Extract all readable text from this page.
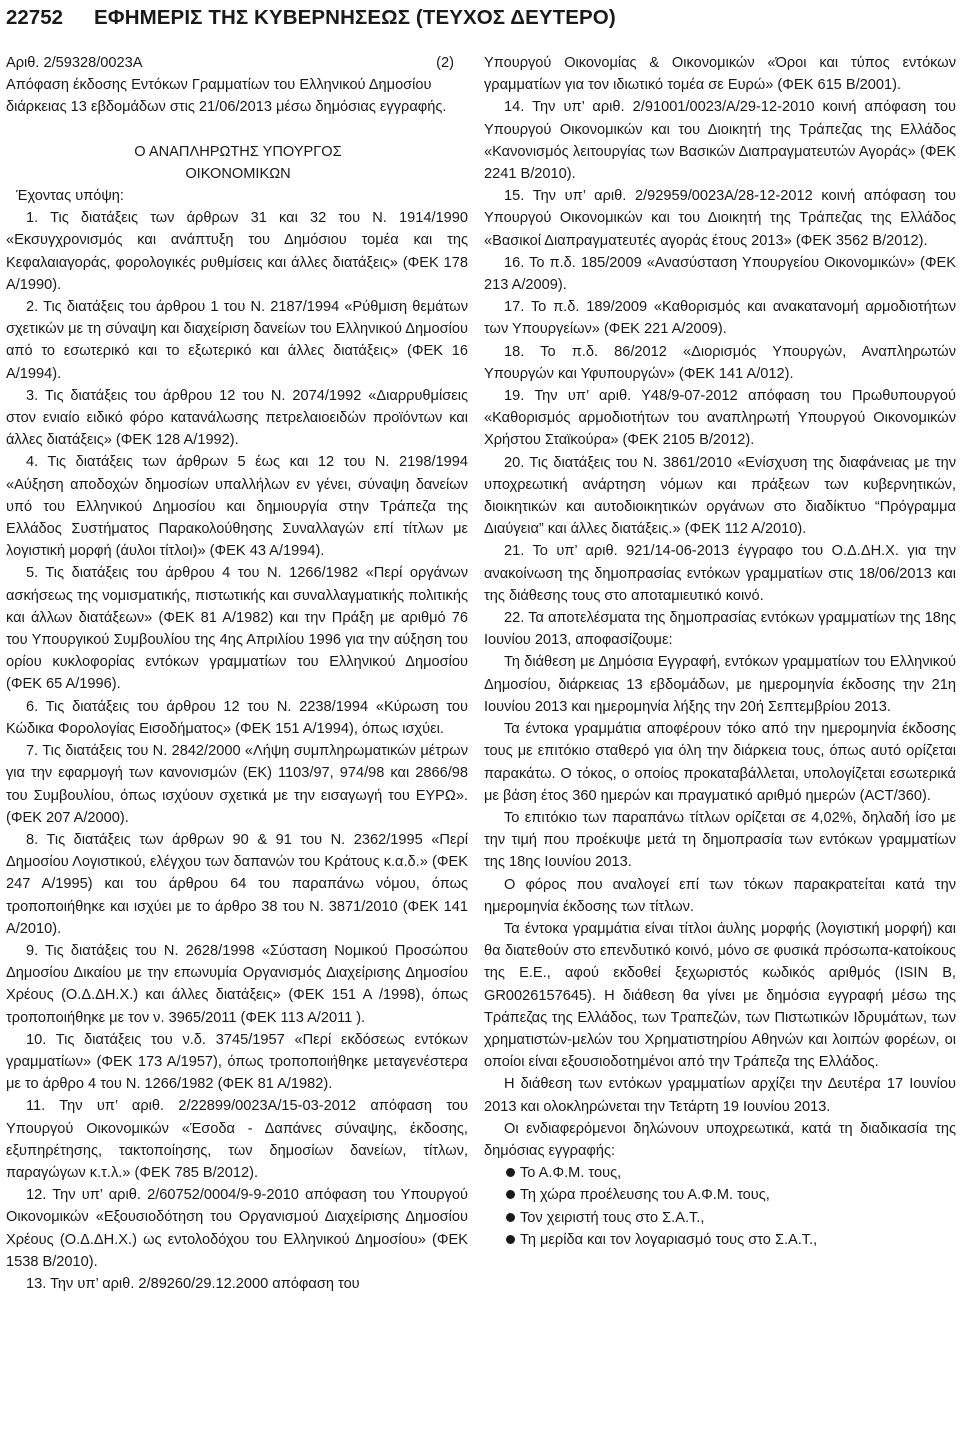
22752	ΕΦΗΜΕΡΙΣ ΤΗΣ ΚΥΒΕΡΝΗΣΕΩΣ (ΤΕΥΧΟΣ ΔΕΥΤΕΡΟ)
Αριθ. 2/59328/0023Α	(2)

Απόφαση έκδοσης Εντόκων Γραμματίων του Ελληνικού Δημοσίου διάρκειας 13 εβδομάδων στις 21/06/2013 μέσω δημόσιας εγγραφής.

Ο ΑΝΑΠΛΗΡΩΤΗΣ ΥΠΟΥΡΓΟΣ

ΟΙΚΟΝΟΜΙΚΩΝ

Έχοντας υπόψη:

1. Τις διατάξεις των άρθρων 31 και 32 του Ν. 1914/1990 «Εκσυγχρονισμός και ανάπτυξη του Δημόσιου τομέα και της Κεφαλαιαγοράς, φορολογικές ρυθμίσεις και άλλες διατάξεις» (ΦΕΚ 178 Α/1990).

2. Τις διατάξεις του άρθρου 1 του Ν. 2187/1994 «Ρύθμιση θεμάτων σχετικών με τη σύναψη και διαχείριση δανείων του Ελληνικού Δημοσίου από το εσωτερικό και το εξωτερικό και άλλες διατάξεις» (ΦΕΚ 16 Α/1994).

3. Τις διατάξεις του άρθρου 12 του Ν. 2074/1992 «Διαρρυθμίσεις στον ενιαίο ειδικό φόρο κατανάλωσης πετρελαιοειδών προϊόντων και άλλες διατάξεις» (ΦΕΚ 128 Α/1992).

4. Τις διατάξεις των άρθρων 5 έως και 12 του Ν. 2198/1994 «Αύξηση αποδοχών δημοσίων υπαλλήλων εν γένει, σύναψη δανείων υπό του Ελληνικού Δημοσίου και δημιουργία στην Τράπεζα της Ελλάδος Συστήματος Παρακολούθησης Συναλλαγών επί τίτλων με λογιστική μορφή (άυλοι τίτλοι)» (ΦΕΚ 43 Α/1994).

5. Τις διατάξεις του άρθρου 4 του Ν. 1266/1982 «Περί οργάνων ασκήσεως της νομισματικής, πιστωτικής και συναλλαγματικής πολιτικής και άλλων διατάξεων» (ΦΕΚ 81 Α/1982) και την Πράξη με αριθμό 76 του Υπουργικού Συμβουλίου της 4ης Απριλίου 1996 για την αύξηση του ορίου κυκλοφορίας εντόκων γραμματίων του Ελληνικού Δημοσίου (ΦΕΚ 65 Α/1996).

6. Τις διατάξεις του άρθρου 12 του Ν. 2238/1994 «Κύρωση του Κώδικα Φορολογίας Εισοδήματος» (ΦΕΚ 151 Α/1994), όπως ισχύει.

7. Τις διατάξεις του Ν. 2842/2000 «Λήψη συμπληρωματικών μέτρων για την εφαρμογή των κανονισμών (ΕΚ) 1103/97, 974/98 και 2866/98 του Συμβουλίου, όπως ισχύουν σχετικά με την εισαγωγή του ΕΥΡΩ». (ΦΕΚ 207 Α/2000).

8. Τις διατάξεις των άρθρων 90 & 91 του Ν. 2362/1995 «Περί Δημοσίου Λογιστικού, ελέγχου των δαπανών του Κράτους κ.α.δ.» (ΦΕΚ 247 Α/1995) και του άρθρου 64 του παραπάνω νόμου, όπως τροποποιήθηκε και ισχύει με το άρθρο 38 του Ν. 3871/2010 (ΦΕΚ 141 Α/2010).

9. Τις διατάξεις του Ν. 2628/1998 «Σύσταση Νομικού Προσώπου Δημοσίου Δικαίου με την επωνυμία Οργανισμός Διαχείρισης Δημοσίου Χρέους (Ο.Δ.ΔΗ.Χ.) και άλλες διατάξεις» (ΦΕΚ 151 Α /1998), όπως τροποποιήθηκε με τον ν. 3965/2011 (ΦΕΚ 113 Α/2011 ).

10. Τις διατάξεις του ν.δ. 3745/1957 «Περί εκδόσεως εντόκων γραμματίων» (ΦΕΚ 173 Α/1957), όπως τροποποιήθηκε μεταγενέστερα με το άρθρο 4 του Ν. 1266/1982 (ΦΕΚ 81 Α/1982).

11. Την υπ’ αριθ. 2/22899/0023Α/15-03-2012 απόφαση του Υπουργού Οικονομικών «Έσοδα - Δαπάνες σύναψης, έκδοσης, εξυπηρέτησης, τακτοποίησης, των δημοσίων δανείων, τίτλων, παραγώγων κ.τ.λ.» (ΦΕΚ 785 Β/2012).

12. Την υπ’ αριθ. 2/60752/0004/9-9-2010 απόφαση του Υπουργού Οικονομικών «Εξουσιοδότηση του Οργανισμού Διαχείρισης Δημοσίου Χρέους (Ο.Δ.ΔΗ.Χ.) ως εντολοδόχου του Ελληνικού Δημοσίου» (ΦΕΚ 1538 Β/2010).

13. Την υπ’ αριθ. 2/89260/29.12.2000 απόφαση του

Υπουργού Οικονομίας & Οικονομικών «Όροι και τύπος εντόκων γραμματίων για τον ιδιωτικό τομέα σε Ευρώ» (ΦΕΚ 615 Β/2001).

14. Την υπ’ αριθ. 2/91001/0023/Α/29-12-2010 κοινή απόφαση του Υπουργού Οικονομικών και του Διοικητή της Τράπεζας της Ελλάδος «Κανονισμός λειτουργίας των Βασικών Διαπραγματευτών Αγοράς» (ΦΕΚ 2241 Β/2010).

15. Την υπ’ αριθ. 2/92959/0023Α/28-12-2012 κοινή απόφαση του Υπουργού Οικονομικών και του Διοικητή της Τράπεζας της Ελλάδος «Βασικοί Διαπραγματευτές αγοράς έτους 2013» (ΦΕΚ 3562 Β/2012).

16. Το π.δ. 185/2009 «Ανασύσταση Υπουργείου Οικονομικών» (ΦΕΚ 213 Α/2009).

17. Το π.δ. 189/2009 «Καθορισμός και ανακατανομή αρμοδιοτήτων των Υπουργείων» (ΦΕΚ 221 Α/2009).

18. Το π.δ. 86/2012 «Διορισμός Υπουργών, Αναπληρωτών Υπουργών και Υφυπουργών» (ΦΕΚ 141 Α/012).

19. Την υπ’ αριθ. Υ48/9-07-2012 απόφαση του Πρωθυπουργού «Καθορισμός αρμοδιοτήτων του αναπληρωτή Υπουργού Οικονομικών Χρήστου Σταϊκούρα» (ΦΕΚ 2105 Β/2012).

20. Τις διατάξεις του Ν. 3861/2010 «Ενίσχυση της διαφάνειας με την υποχρεωτική ανάρτηση νόμων και πράξεων των κυβερνητικών, διοικητικών και αυτοδιοικητικών οργάνων στο διαδίκτυο “Πρόγραμμα Διαύγεια” και άλλες διατάξεις.» (ΦΕΚ 112 Α/2010).

21. Το υπ’ αριθ. 921/14-06-2013 έγγραφο του Ο.Δ.ΔΗ.Χ. για την ανακοίνωση της δημοπρασίας εντόκων γραμματίων στις 18/06/2013 και της διάθεσης τους στο αποταμιευτικό κοινό.

22. Τα αποτελέσματα της δημοπρασίας εντόκων γραμματίων της 18ης Ιουνίου 2013, αποφασίζουμε:

Τη διάθεση με Δημόσια Εγγραφή, εντόκων γραμματίων του Ελληνικού Δημοσίου, διάρκειας 13 εβδομάδων, με ημερομηνία έκδοσης την 21η Ιουνίου 2013 και ημερομηνία λήξης την 20ή Σεπτεμβρίου 2013.

Τα έντοκα γραμμάτια αποφέρουν τόκο από την ημερομηνία έκδοσης τους με επιτόκιο σταθερό για όλη την διάρκεια τους, όπως αυτό ορίζεται παρακάτω. Ο τόκος, ο οποίος προκαταβάλλεται, υπολογίζεται εσωτερικά με βάση έτος 360 ημερών και πραγματικό αριθμό ημερών (ACT/360).

Το επιτόκιο των παραπάνω τίτλων ορίζεται σε 4,02%, δηλαδή ίσο με την τιμή που προέκυψε μετά τη δημοπρασία των εντόκων γραμματίων της 18ης Ιουνίου 2013.

Ο φόρος που αναλογεί επί των τόκων παρακρατείται κατά την ημερομηνία έκδοσης των τίτλων.

Τα έντοκα γραμμάτια είναι τίτλοι άυλης μορφής (λογιστική μορφή) και θα διατεθούν στο επενδυτικό κοινό, μόνο σε φυσικά πρόσωπα-κατοίκους της Ε.Ε., αφού εκδοθεί ξεχωριστός κωδικός αριθμός (ISIN Β, GR0026157645). Η διάθεση θα γίνει με δημόσια εγγραφή μέσω της Τράπεζας της Ελλάδος, των Τραπεζών, των Πιστωτικών Ιδρυμάτων, των χρηματιστών-μελών του Χρηματιστηρίου Αθηνών και λοιπών φορέων, οι οποίοι είναι εξουσιοδοτημένοι από την Τράπεζα της Ελλάδος.

Η διάθεση των εντόκων γραμματίων αρχίζει την Δευτέρα 17 Ιουνίου 2013 και ολοκληρώνεται την Τετάρτη 19 Ιουνίου 2013.

Οι ενδιαφερόμενοι δηλώνουν υποχρεωτικά, κατά τη διαδικασία της δημόσιας εγγραφής:

Το Α.Φ.Μ. τους,
Τη χώρα προέλευσης του Α.Φ.Μ. τους,
Τον χειριστή τους στο Σ.Α.Τ.,
Τη μερίδα και τον λογαριασμό τους στο Σ.Α.Τ.,
